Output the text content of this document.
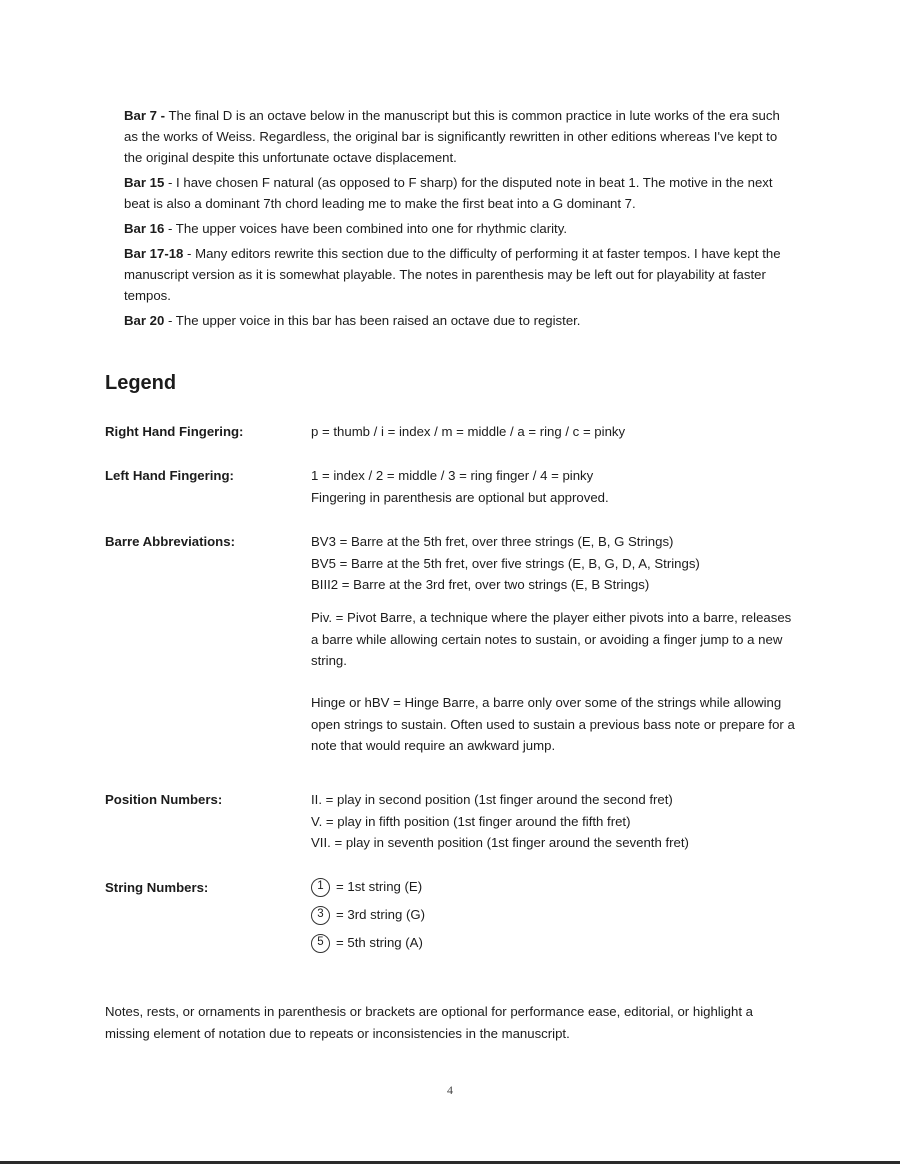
Bar 7 - The final D is an octave below in the manuscript but this is common practice in lute works of the era such as the works of Weiss. Regardless, the original bar is significantly rewritten in other editions whereas I've kept to the original despite this unfortunate octave displacement.

Bar 15 - I have chosen F natural (as opposed to F sharp) for the disputed note in beat 1. The motive in the next beat is also a dominant 7th chord leading me to make the first beat into a G dominant 7.

Bar 16 - The upper voices have been combined into one for rhythmic clarity.

Bar 17-18 - Many editors rewrite this section due to the difficulty of performing it at faster tempos. I have kept the manuscript version as it is somewhat playable. The notes in parenthesis may be left out for playability at faster tempos.

Bar 20 - The upper voice in this bar has been raised an octave due to register.

Legend
Right Hand Fingering:	p = thumb / i = index / m = middle / a = ring / c = pinky
Left Hand Fingering:	1 = index / 2 = middle / 3 = ring finger / 4 = pinky
Fingering in parenthesis are optional but approved.
Barre Abbreviations:	BV3 = Barre at the 5th fret, over three strings (E, B, G Strings)
BV5 = Barre at the 5th fret, over five strings (E, B, G, D, A, Strings)
BIII2 = Barre at the 3rd fret, over two strings (E, B Strings)

Piv. = Pivot Barre, a technique where the player either pivots into a barre, releases a barre while allowing certain notes to sustain, or avoiding a finger jump to a new string.

Hinge or hBV = Hinge Barre, a barre only over some of the strings while allowing open strings to sustain. Often used to sustain a previous bass note or prepare for a note that would require an awkward jump.

Position Numbers:	II. = play in second position (1st finger around the second fret)
V. = play in fifth position (1st finger around the fifth fret)
VII. = play in seventh position (1st finger around the seventh fret)
String Numbers:	1 = 1st string (E)
3 = 3rd string (G)
5 = 5th string (A)

Notes, rests, or ornaments in parenthesis or brackets are optional for performance ease, editorial, or highlight a missing element of notation due to repeats or inconsistencies in the manuscript.

4
